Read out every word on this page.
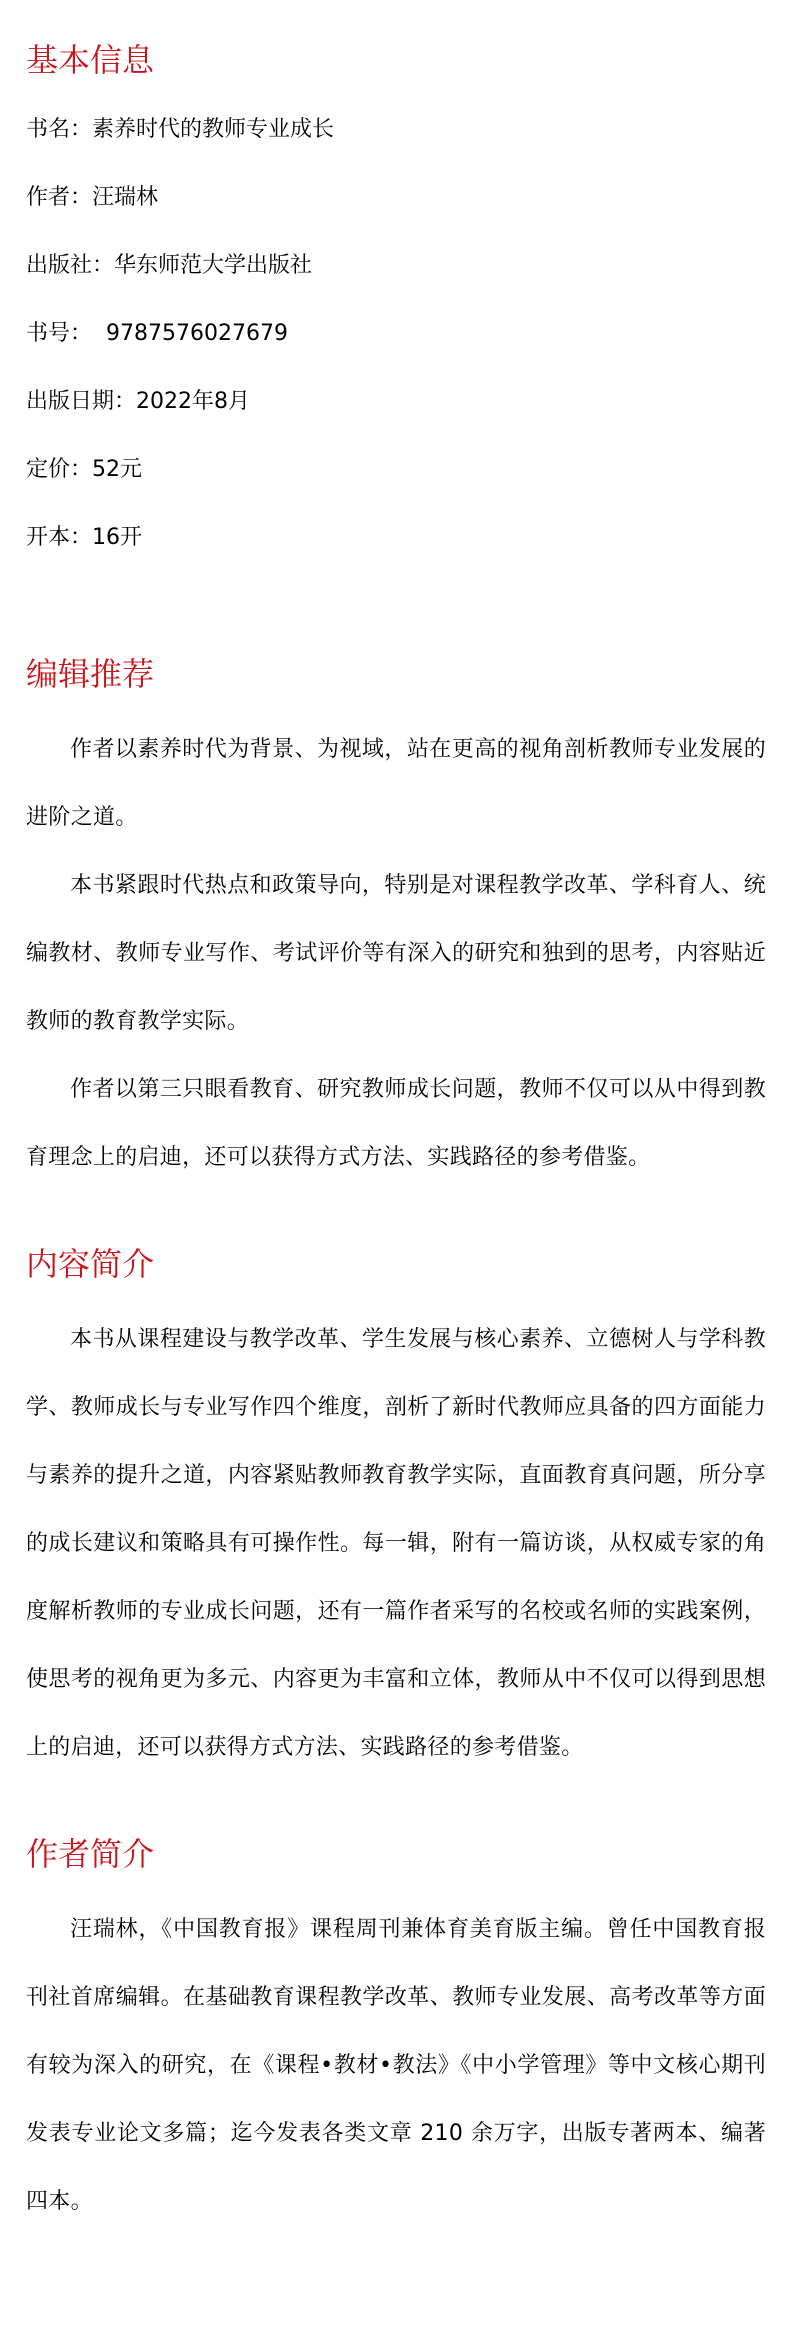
基本信息
书名：素养时代的教师专业成长
作者：汪瑞林
出版社：华东师范大学出版社
书号：  9787576027679
出版日期：2022年8月
定价：52元
开本：16开
编辑推荐

作者以素养时代为背景、为视域，站在更高的视角剖析教师专业发展的进阶之道。

本书紧跟时代热点和政策导向，特别是对课程教学改革、学科育人、统编教材、教师专业写作、考试评价等有深入的研究和独到的思考，内容贴近教师的教育教学实际。

作者以第三只眼看教育、研究教师成长问题，教师不仅可以从中得到教育理念上的启迪，还可以获得方式方法、实践路径的参考借鉴。

内容简介

本书从课程建设与教学改革、学生发展与核心素养、立德树人与学科教学、教师成长与专业写作四个维度，剖析了新时代教师应具备的四方面能力与素养的提升之道，内容紧贴教师教育教学实际，直面教育真问题，所分享的成长建议和策略具有可操作性。每一辑，附有一篇访谈，从权威专家的角度解析教师的专业成长问题，还有一篇作者采写的名校或名师的实践案例，使思考的视角更为多元、内容更为丰富和立体，教师从中不仅可以得到思想上的启迪，还可以获得方式方法、实践路径的参考借鉴。

作者简介

汪瑞林，《中国教育报》课程周刊兼体育美育版主编。曾任中国教育报刊社首席编辑。在基础教育课程教学改革、教师专业发展、高考改革等方面有较为深入的研究，在《课程•教材•教法》《中小学管理》等中文核心期刊发表专业论文多篇；迄今发表各类文章 210 余万字，出版专著两本、编著四本。
